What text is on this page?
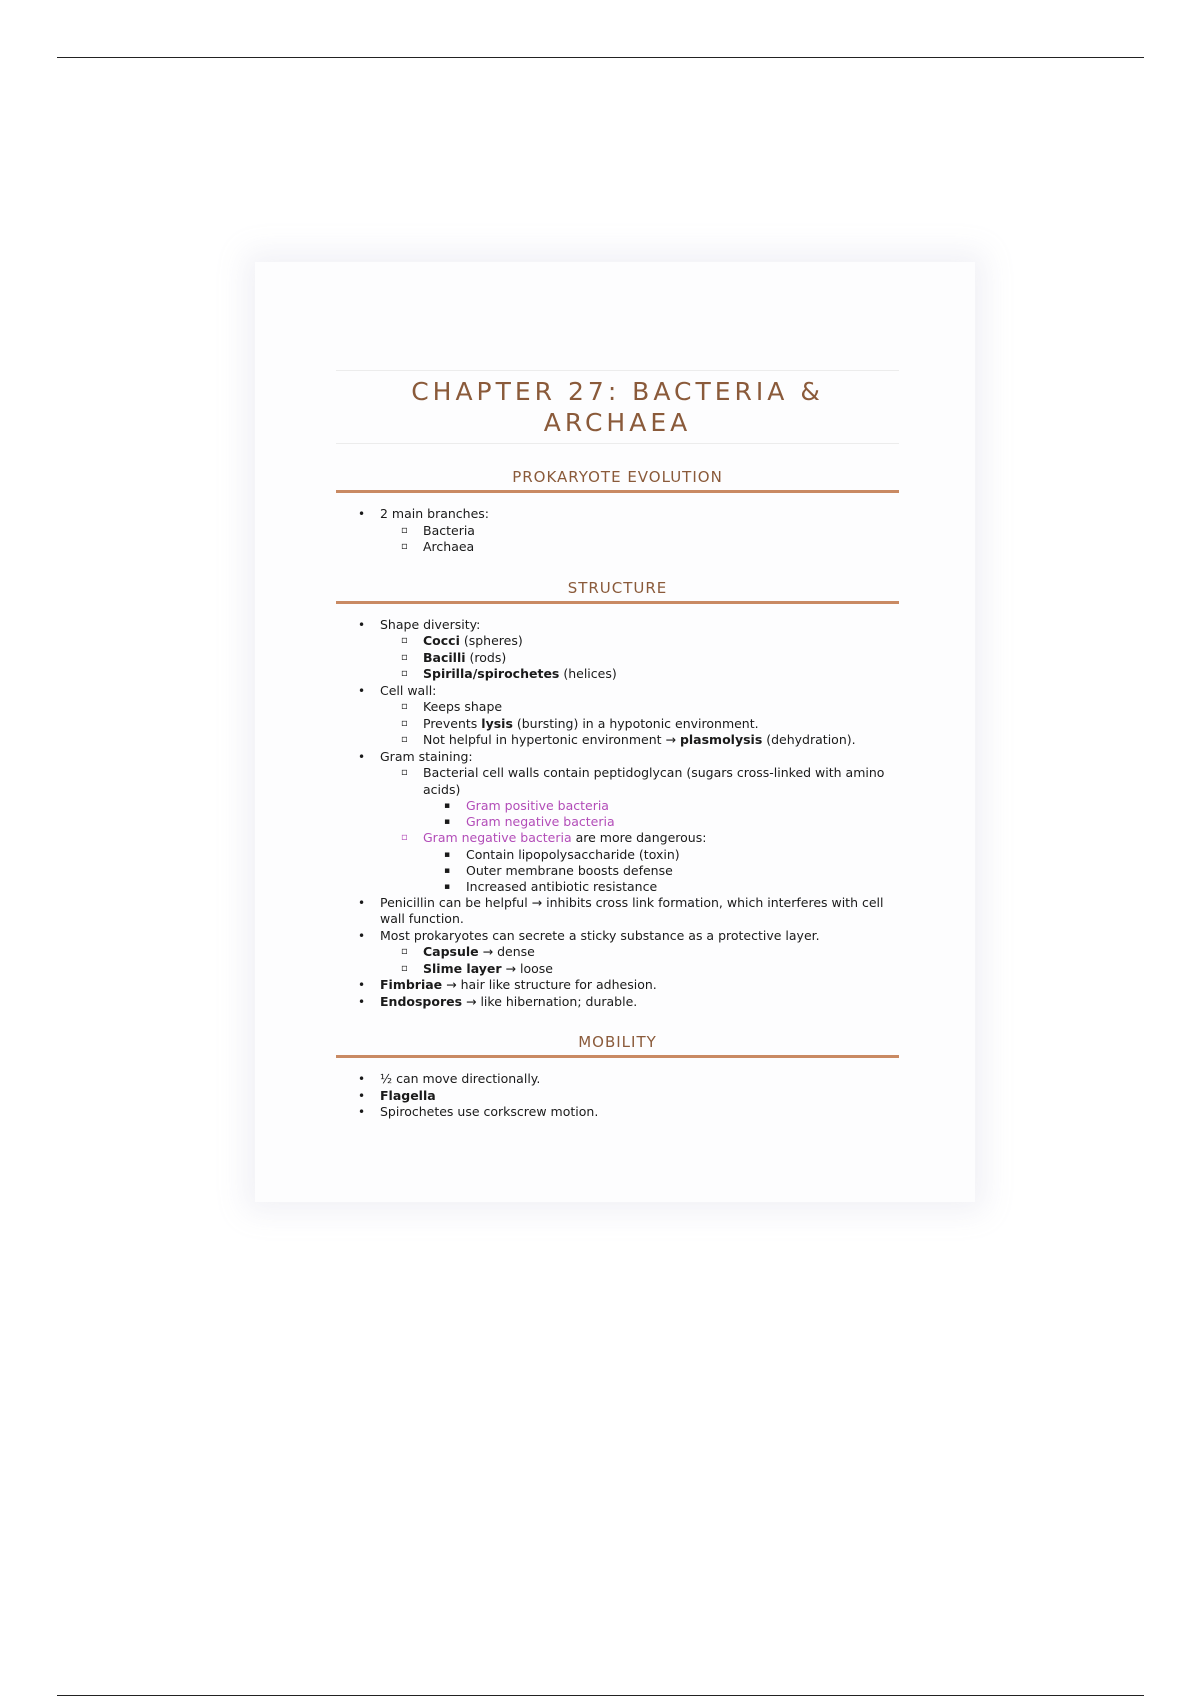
CHAPTER 27: BACTERIA & ARCHAEA
PROKARYOTE EVOLUTION
• 2 main branches:
▫ Bacteria
▫ Archaea
STRUCTURE
• Shape diversity:
▫ Cocci (spheres)
▫ Bacilli (rods)
▫ Spirilla/spirochetes (helices)
• Cell wall:
▫ Keeps shape
▫ Prevents lysis (bursting) in a hypotonic environment.
▫ Not helpful in hypertonic environment → plasmolysis (dehydration).
• Gram staining:
▫ Bacterial cell walls contain peptidoglycan (sugars cross-linked with amino acids)
▪ Gram positive bacteria
▪ Gram negative bacteria
▫ Gram negative bacteria are more dangerous:
▪ Contain lipopolysaccharide (toxin)
▪ Outer membrane boosts defense
▪ Increased antibiotic resistance
• Penicillin can be helpful → inhibits cross link formation, which interferes with cell wall function.
• Most prokaryotes can secrete a sticky substance as a protective layer.
▫ Capsule → dense
▫ Slime layer → loose
• Fimbriae → hair like structure for adhesion.
• Endospores → like hibernation; durable.
MOBILITY
• ½ can move directionally.
• Flagella
• Spirochetes use corkscrew motion.
